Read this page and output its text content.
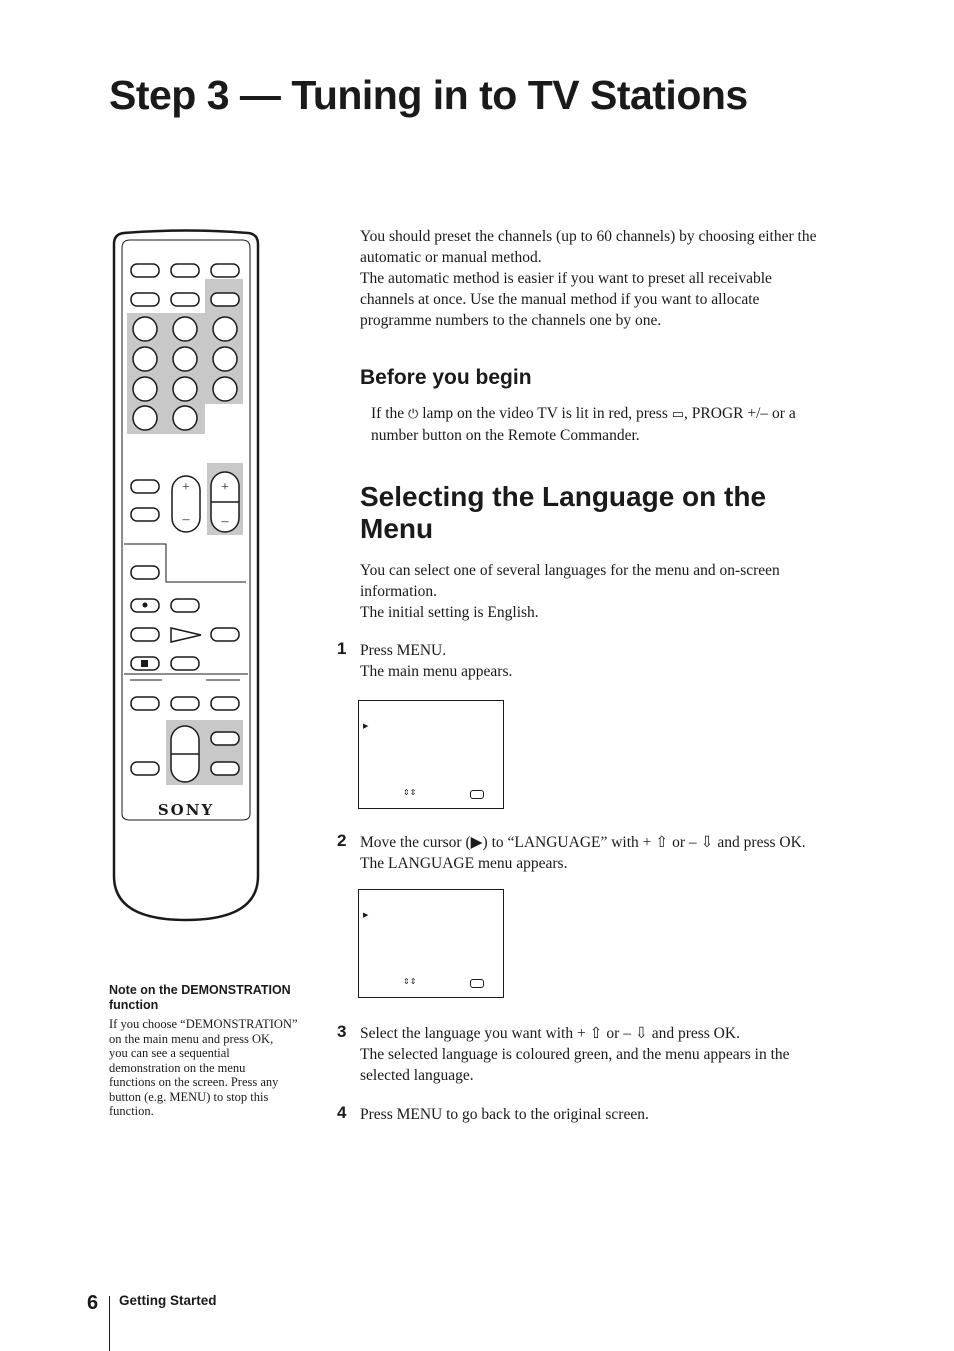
Step 3 — Tuning in to TV Stations
+
–
+
–
SONY
You should preset the channels (up to 60 channels) by choosing either the
automatic or manual method.
The automatic method is easier if you want to preset all receivable
channels at once. Use the manual method if you want to allocate
programme numbers to the channels one by one.
Before you begin
If the ⏻ lamp on the video TV is lit in red, press ▭, PROGR +/– or a
number button on the Remote Commander.
Selecting the Language on the
Menu
You can select one of several languages for the menu and on-screen
information.
The initial setting is English.
1 Press MENU.
The main menu appears.
▶
⇕⇕
2 Move the cursor (▶) to “LANGUAGE” with + ⇧ or – ⇩ and press OK.
The LANGUAGE menu appears.
▶
⇕⇕
3 Select the language you want with + ⇧ or – ⇩ and press OK.
The selected language is coloured green, and the menu appears in the
selected language.
4 Press MENU to go back to the original screen.
Note on the DEMONSTRATION
function
If you choose “DEMONSTRATION”
on the main menu and press OK,
you can see a sequential
demonstration on the menu
functions on the screen. Press any
button (e.g. MENU) to stop this
function.
6 Getting Started
